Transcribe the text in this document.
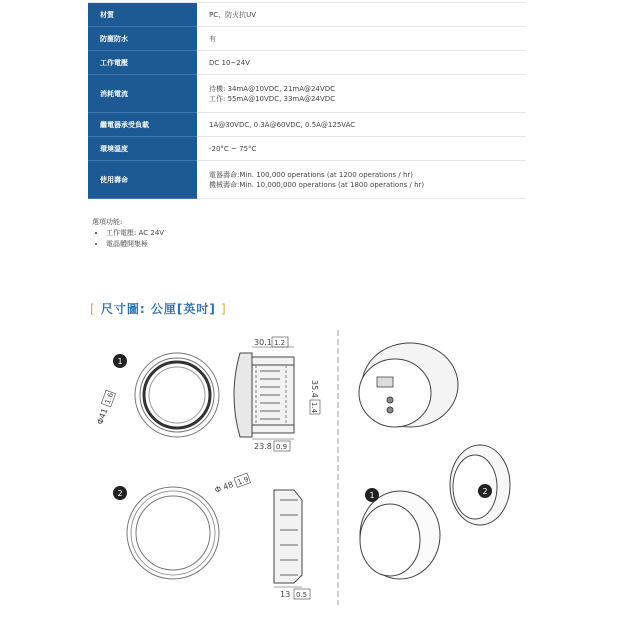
材質	PC、防火抗UV

防塵防水	有

工作電壓	DC 10~24V

消耗電流	待機: 34mA@10VDC, 21mA@24VDC
工作: 55mA@10VDC, 33mA@24VDC

繼電器承受負載	1A@30VDC, 0.3A@60VDC, 0.5A@125VAC

環境溫度	-20°C ~ 75°C

使用壽命	電器壽命:Min. 100,000 operations (at 1200 operations / hr)
機械壽命:Min. 10,000,000 operations (at 1800 operations / hr)
選項功能:
• 工作電壓: AC 24V
• 電晶體開集極
[ 尺寸圖: 公厘[英吋] ]
1
Φ41
1.6
30.1 1.2
35.4
1.4
23.8 0.9
2	Φ 48 1.9
13 0.5
1	2
